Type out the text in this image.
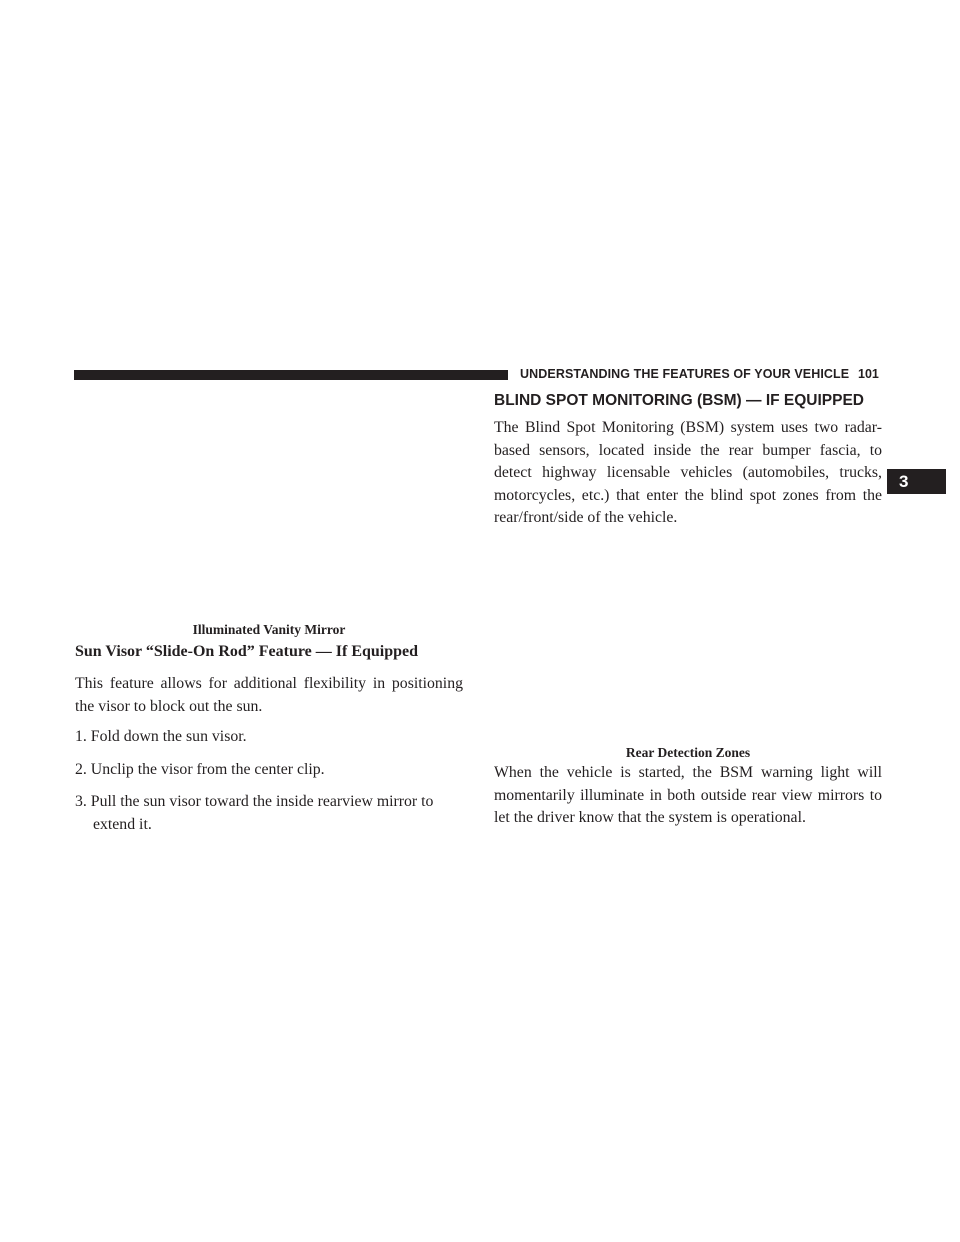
UNDERSTANDING THE FEATURES OF YOUR VEHICLE 101
3
Illuminated Vanity Mirror
Sun Visor “Slide-On Rod” Feature — If Equipped

This feature allows for additional flexibility in positioning the visor to block out the sun.

1. Fold down the sun visor.
2. Unclip the visor from the center clip.
3. Pull the sun visor toward the inside rearview mirror to extend it.
BLIND SPOT MONITORING (BSM) — IF EQUIPPED

The Blind Spot Monitoring (BSM) system uses two radar-based sensors, located inside the rear bumper fascia, to detect highway licensable vehicles (automobiles, trucks, motorcycles, etc.) that enter the blind spot zones from the rear/front/side of the vehicle.

Rear Detection Zones

When the vehicle is started, the BSM warning light will momentarily illuminate in both outside rear view mirrors to let the driver know that the system is operational.
